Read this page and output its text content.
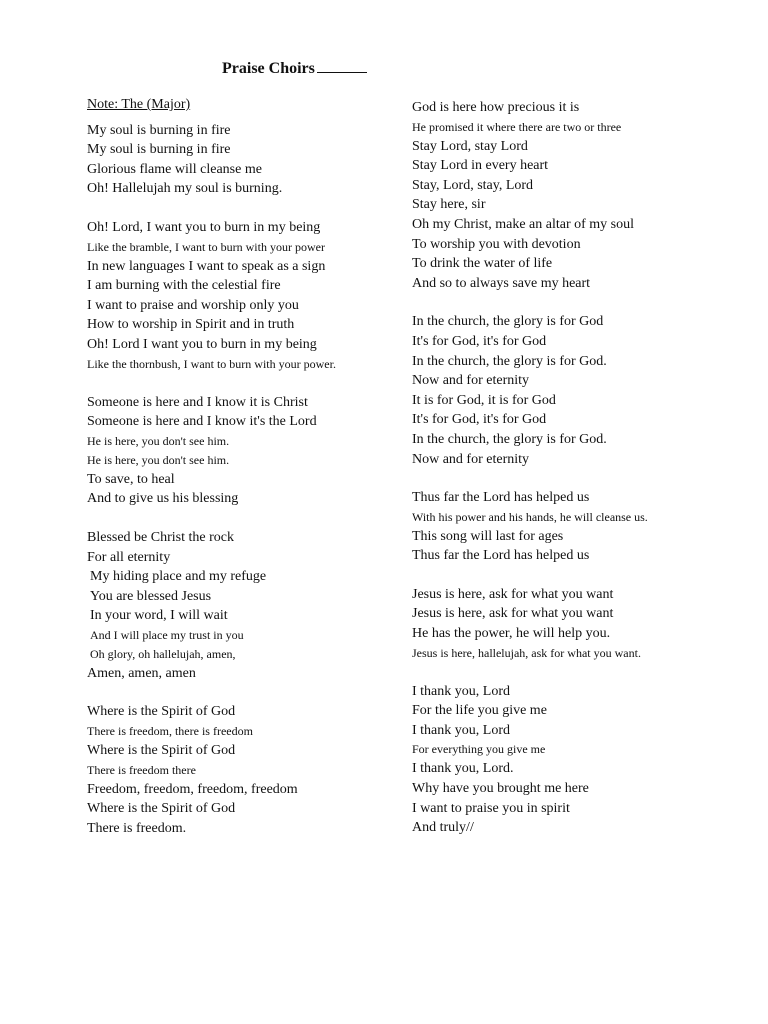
Praise Choirs
Note: The (Major)
My soul is burning in fire
My soul is burning in fire
Glorious flame will cleanse me
Oh! Hallelujah my soul is burning.
Oh! Lord, I want you to burn in my being
Like the bramble, I want to burn with your power
In new languages I want to speak as a sign
I am burning with the celestial fire
I want to praise and worship only you
How to worship in Spirit and in truth
Oh! Lord I want you to burn in my being
Like the thornbush, I want to burn with your power.
Someone is here and I know it is Christ
Someone is here and I know it's the Lord
He is here, you don't see him.
He is here, you don't see him.
To save, to heal
And to give us his blessing
Blessed be Christ the rock
For all eternity
My hiding place and my refuge
You are blessed Jesus
In your word, I will wait
And I will place my trust in you
Oh glory, oh hallelujah, amen,
Amen, amen, amen
Where is the Spirit of God
There is freedom, there is freedom
Where is the Spirit of God
There is freedom there
Freedom, freedom, freedom, freedom
Where is the Spirit of God
There is freedom.
God is here how precious it is
He promised it where there are two or three
Stay Lord, stay Lord
Stay Lord in every heart
Stay, Lord, stay, Lord
Stay here, sir
Oh my Christ, make an altar of my soul
To worship you with devotion
To drink the water of life
And so to always save my heart
In the church, the glory is for God
It's for God, it's for God
In the church, the glory is for God.
Now and for eternity
It is for God, it is for God
It's for God, it's for God
In the church, the glory is for God.
Now and for eternity
Thus far the Lord has helped us
With his power and his hands, he will cleanse us.
This song will last for ages
Thus far the Lord has helped us
Jesus is here, ask for what you want
Jesus is here, ask for what you want
He has the power, he will help you.
Jesus is here, hallelujah, ask for what you want.
I thank you, Lord
For the life you give me
I thank you, Lord
For everything you give me
I thank you, Lord.
Why have you brought me here
I want to praise you in spirit
And truly//
